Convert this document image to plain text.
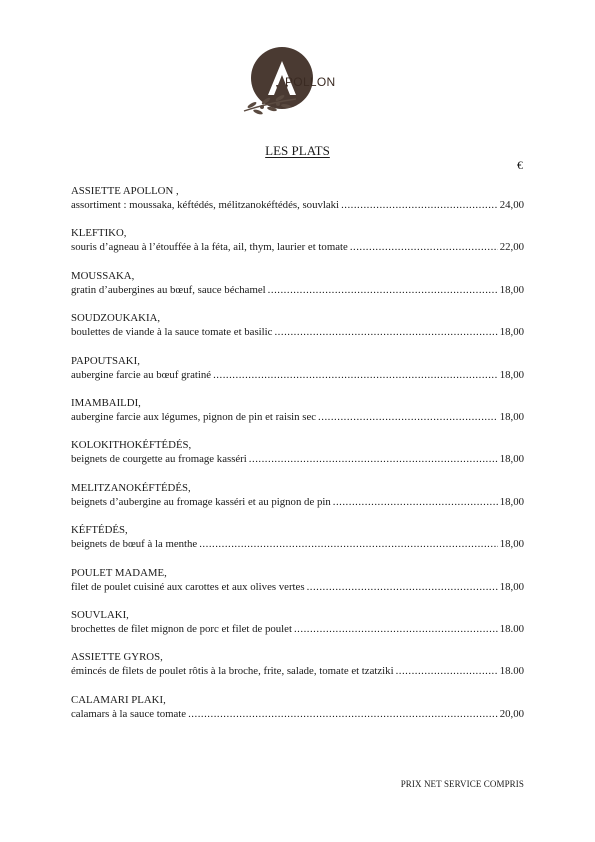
POLLON
LES PLATS
€
ASSIETTE APOLLON ,
assortiment : moussaka, kéftédés, mélitzanokéftédés, souvlaki .....	24,00
KLEFTIKO,
souris d’agneau à l’étouffée à la féta, ail, thym, laurier et tomate .....	22,00
MOUSSAKA,
gratin d’aubergines au bœuf, sauce béchamel .....	18,00
SOUDZOUKAKIA,
boulettes de viande à la sauce tomate et basilic .....	18,00
PAPOUTSAKI,
aubergine farcie au bœuf gratiné .....	18,00
IMAMBAILDI,
aubergine farcie aux légumes, pignon de pin et raisin sec .....	18,00
KOLOKITHOKÉFTÉDÉS,
beignets de courgette au fromage kasséri .....	18,00
MELITZANOKÉFTÉDÉS,
beignets d’aubergine au fromage kasséri et au pignon de pin .....	18,00
KÉFTÉDÉS,
beignets de bœuf à la menthe .....	18,00
POULET MADAME,
filet de poulet cuisiné aux carottes et aux olives vertes .....	18,00
SOUVLAKI,
brochettes de filet mignon de porc et filet de poulet .....	18.00
ASSIETTE GYROS,
émincés de filets de poulet rôtis à la broche, frite, salade, tomate et tzatziki .....	18.00
CALAMARI PLAKI,
calamars à la sauce tomate .....	20,00
PRIX NET SERVICE COMPRIS
